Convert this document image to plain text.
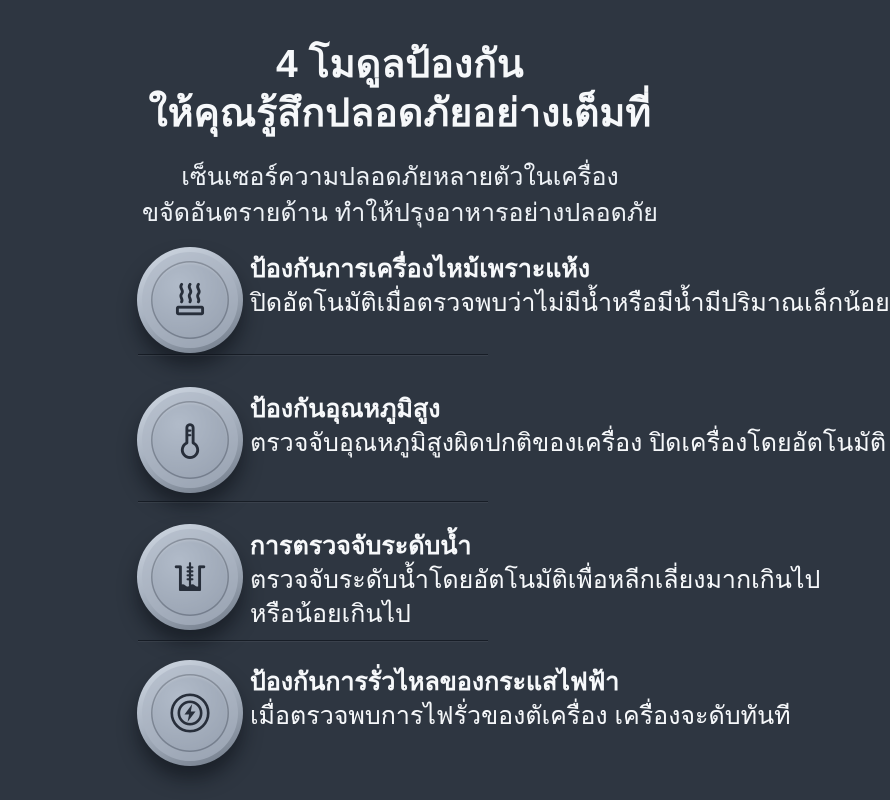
4 โมดูลป้องกัน
ให้คุณรู้สึกปลอดภัยอย่างเต็มที่
เซ็นเซอร์ความปลอดภัยหลายตัวในเครื่อง
ขจัดอันตรายด้าน ทำให้ปรุงอาหารอย่างปลอดภัย
ป้องกันการเครื่องไหม้เพราะแห้ง
ปิดอัตโนมัติเมื่อตรวจพบว่าไม่มีน้ำหรือมีน้ำมีปริมาณเล็กน้อย
ป้องกันอุณหภูมิสูง
ตรวจจับอุณหภูมิสูงผิดปกติของเครื่อง ปิดเครื่องโดยอัตโนมัติ
การตรวจจับระดับน้ำ
ตรวจจับระดับน้ำโดยอัตโนมัติเพื่อหลีกเลี่ยงมากเกินไป
หรือน้อยเกินไป
ป้องกันการรั่วไหลของกระแสไฟฟ้า
เมื่อตรวจพบการไฟรั่วของตัเครื่อง เครื่องจะดับทันที
